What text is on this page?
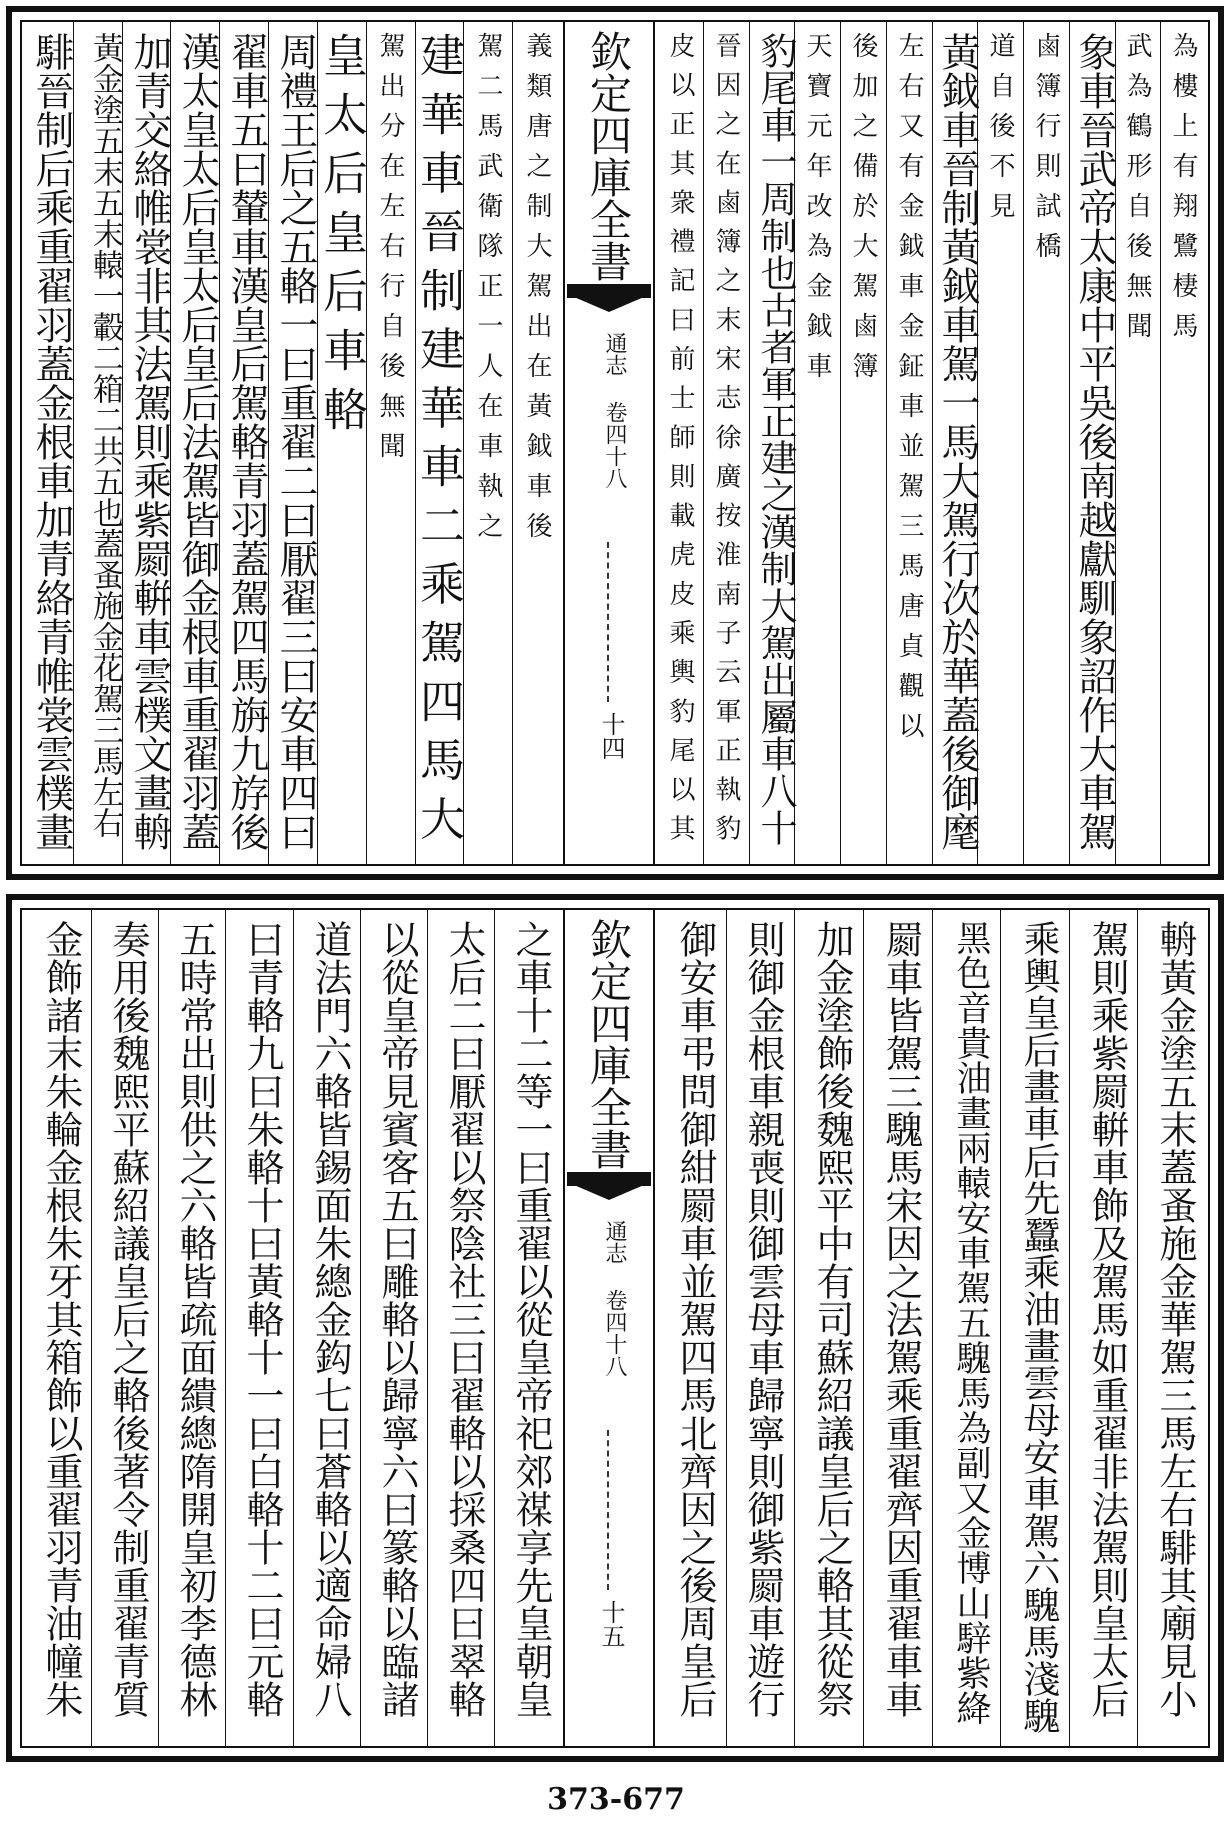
欽定四庫全書
通志 卷四十八
十四
為樓上有翔鷺棲馬
武為鶴形自後無聞
象車晉武帝太康中平吳後南越獻馴象詔作大車駕
鹵簿行則試橋
道自後不見
黃鉞車晉制黃鉞車駕一馬大駕行次於華蓋後御麾
左右又有金鉞車金鉦車並駕三馬唐貞觀以
後加之備於大駕鹵簿
天寶元年改為金鉞車
豹尾車一周制也古者軍正建之漢制大駕出屬車八十
晉因之在鹵簿之末宋志徐廣按淮南子云軍正執豹
皮以正其衆禮記曰前士師則載虎皮乘輿豹尾以其
義類唐之制大駕出在黃鉞車後
駕二馬武衛隊正一人在車執之
建華車晉制建華車二乘駕四馬大
駕出分在左右行自後無聞
皇太后皇后車輅
周禮王后之五輅一曰重翟二曰厭翟三曰安車四曰
翟車五曰輦車漢皇后駕輅青羽蓋駕四馬旃九斿後
漢太皇太后皇太后皇后法駕皆御金根車重翟羽蓋
加青交絡帷裳非其法駕則乘紫罽輧車雲樸文畫輈
黃金塗五末五末轅一轂二箱二共五也蓋蚤施金花駕三馬左右
騑晉制后乘重翟羽蓋金根車加青絡青帷裳雲樸畫
欽定四庫全書
通志 卷四十八
十五	輈黃金塗五末蓋蚤施金華駕三馬左右騑其廟見小
駕則乘紫罽輧車飾及駕馬如重翟非法駕則皇太后
乘輿皇后畫車后先蠶乘油畫雲母安車駕六騩馬淺騩
黑色音貴油畫兩轅安車駕五騩馬為副又金博山騂紫絳
罽車皆駕三騩馬宋因之法駕乘重翟齊因重翟車車
加金塗飾後魏熙平中有司蘇紹議皇后之輅其從祭
則御金根車親喪則御雲母車歸寧則御紫罽車遊行
御安車弔問御紺罽車並駕四馬北齊因之後周皇后
之車十二等一曰重翟以從皇帝祀郊禖享先皇朝皇
太后二曰厭翟以祭陰社三曰翟輅以採桑四曰翠輅
以從皇帝見賓客五曰雕輅以歸寧六曰篆輅以臨諸
道法門六輅皆錫面朱總金鈎七曰蒼輅以適命婦八
曰青輅九曰朱輅十曰黃輅十一曰白輅十二曰元輅
五時常出則供之六輅皆疏面繢總隋開皇初李德林
奏用後魏熙平蘇紹議皇后之輅後著令制重翟青質
金飾諸末朱輪金根朱牙其箱飾以重翟羽青油幢朱
373-677
